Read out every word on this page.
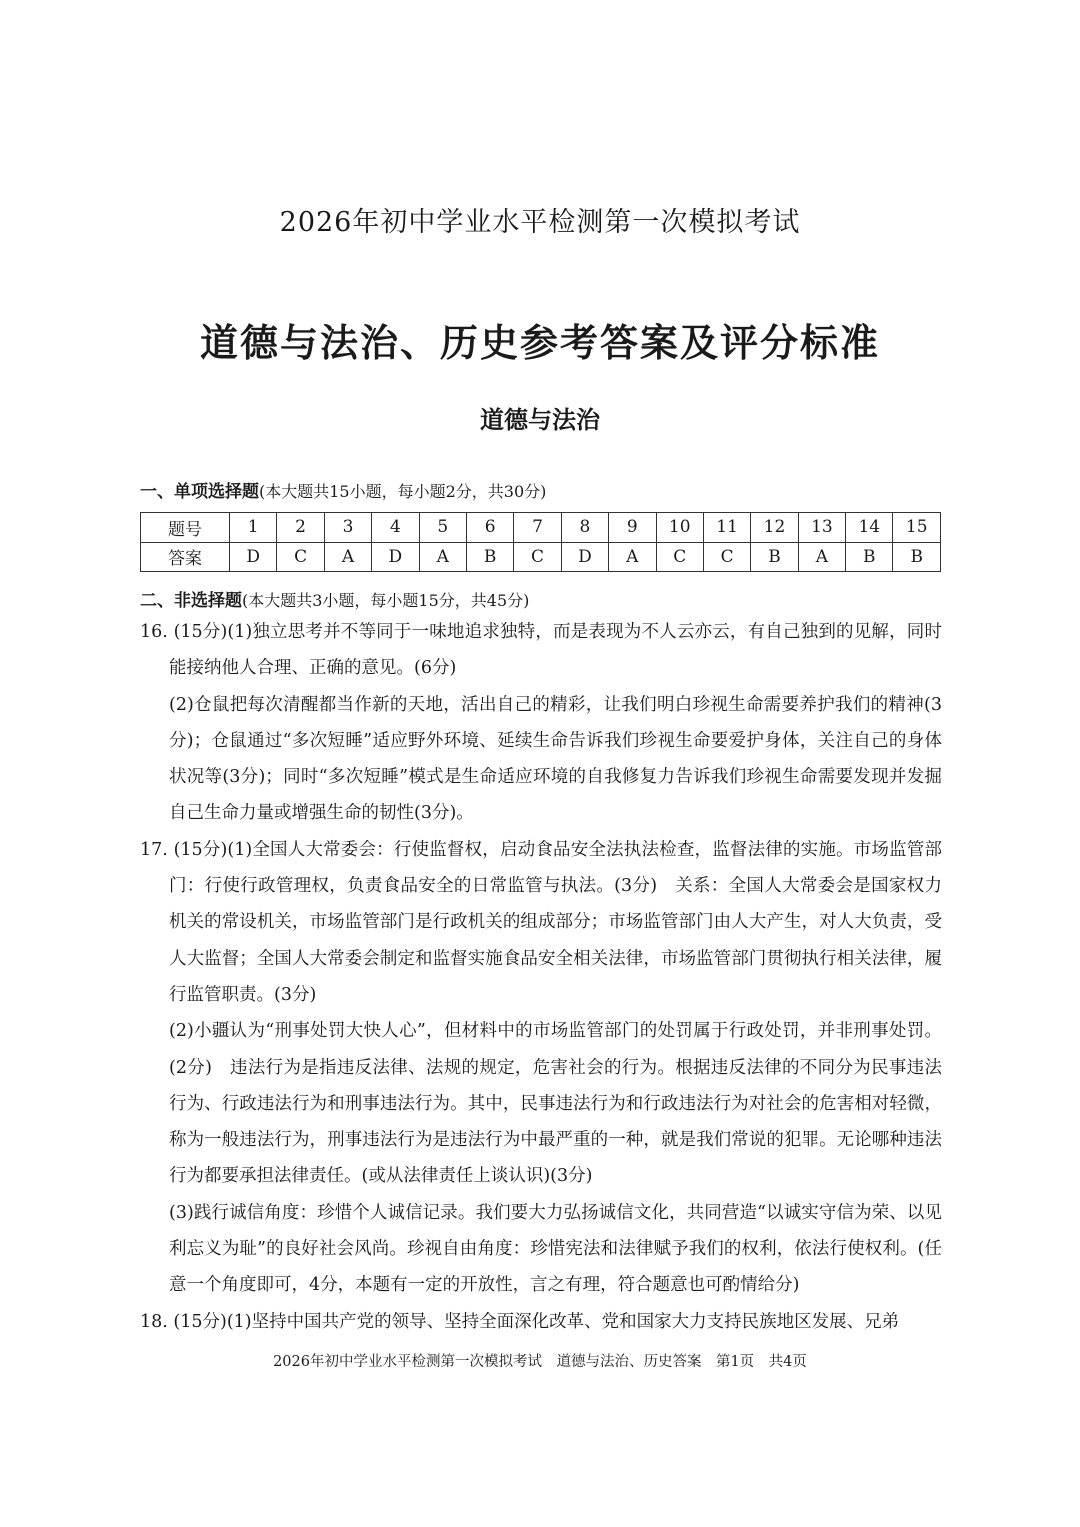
2026年初中学业水平检测第一次模拟考试
道德与法治、历史参考答案及评分标准
道德与法治
一、单项选择题(本大题共15小题，每小题2分，共30分)
题号	1	2	3	4	5	6	7	8	9	10	11	12	13	14	15
答案	D	C	A	D	A	B	C	D	A	C	C	B	A	B	B
二、非选择题(本大题共3小题，每小题15分，共45分)

16. (15分)(1)独立思考并不等同于一味地追求独特，而是表现为不人云亦云，有自己独到的见解，同时能接纳他人合理、正确的意见。(6分)

(2)仓鼠把每次清醒都当作新的天地，活出自己的精彩，让我们明白珍视生命需要养护我们的精神(3分)；仓鼠通过“多次短睡”适应野外环境、延续生命告诉我们珍视生命要爱护身体，关注自己的身体状况等(3分)；同时“多次短睡”模式是生命适应环境的自我修复力告诉我们珍视生命需要发现并发掘自己生命力量或增强生命的韧性(3分)。

17. (15分)(1)全国人大常委会：行使监督权，启动食品安全法执法检查，监督法律的实施。市场监管部门：行使行政管理权，负责食品安全的日常监管与执法。(3分)　关系：全国人大常委会是国家权力机关的常设机关，市场监管部门是行政机关的组成部分；市场监管部门由人大产生，对人大负责，受人大监督；全国人大常委会制定和监督实施食品安全相关法律，市场监管部门贯彻执行相关法律，履行监管职责。(3分)

(2)小疆认为“刑事处罚大快人心”，但材料中的市场监管部门的处罚属于行政处罚，并非刑事处罚。(2分)　违法行为是指违反法律、法规的规定，危害社会的行为。根据违反法律的不同分为民事违法行为、行政违法行为和刑事违法行为。其中，民事违法行为和行政违法行为对社会的危害相对轻微，称为一般违法行为，刑事违法行为是违法行为中最严重的一种，就是我们常说的犯罪。无论哪种违法行为都要承担法律责任。(或从法律责任上谈认识)(3分)

(3)践行诚信角度：珍惜个人诚信记录。我们要大力弘扬诚信文化，共同营造“以诚实守信为荣、以见利忘义为耻”的良好社会风尚。珍视自由角度：珍惜宪法和法律赋予我们的权利，依法行使权利。(任意一个角度即可，4分，本题有一定的开放性，言之有理，符合题意也可酌情给分)

18. (15分)(1)坚持中国共产党的领导、坚持全面深化改革、党和国家大力支持民族地区发展、兄弟

2026年初中学业水平检测第一次模拟考试　道德与法治、历史答案　第1页　共4页
